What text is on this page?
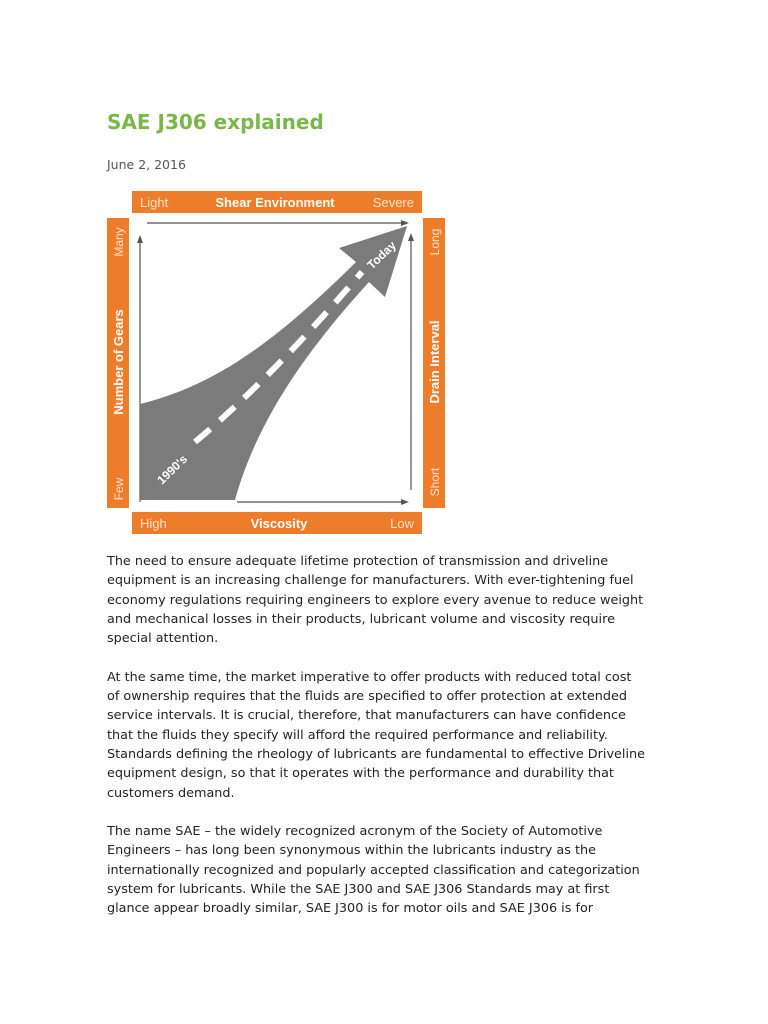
SAE J306 explained
June 2, 2016
1990's
Today
Light	Shear Environment	Severe
High	Viscosity	Low
Many
Number of Gears
Few
Long
Drain Interval
Short

The need to ensure adequate lifetime protection of transmission and driveline
equipment is an increasing challenge for manufacturers. With ever-tightening fuel
economy regulations requiring engineers to explore every avenue to reduce weight
and mechanical losses in their products, lubricant volume and viscosity require
special attention.

At the same time, the market imperative to offer products with reduced total cost
of ownership requires that the fluids are specified to offer protection at extended
service intervals. It is crucial, therefore, that manufacturers can have confidence
that the fluids they specify will afford the required performance and reliability.
Standards defining the rheology of lubricants are fundamental to effective Driveline
equipment design, so that it operates with the performance and durability that
customers demand.

The name SAE – the widely recognized acronym of the Society of Automotive
Engineers – has long been synonymous within the lubricants industry as the
internationally recognized and popularly accepted classification and categorization
system for lubricants. While the SAE J300 and SAE J306 Standards may at first
glance appear broadly similar, SAE J300 is for motor oils and SAE J306 is for
